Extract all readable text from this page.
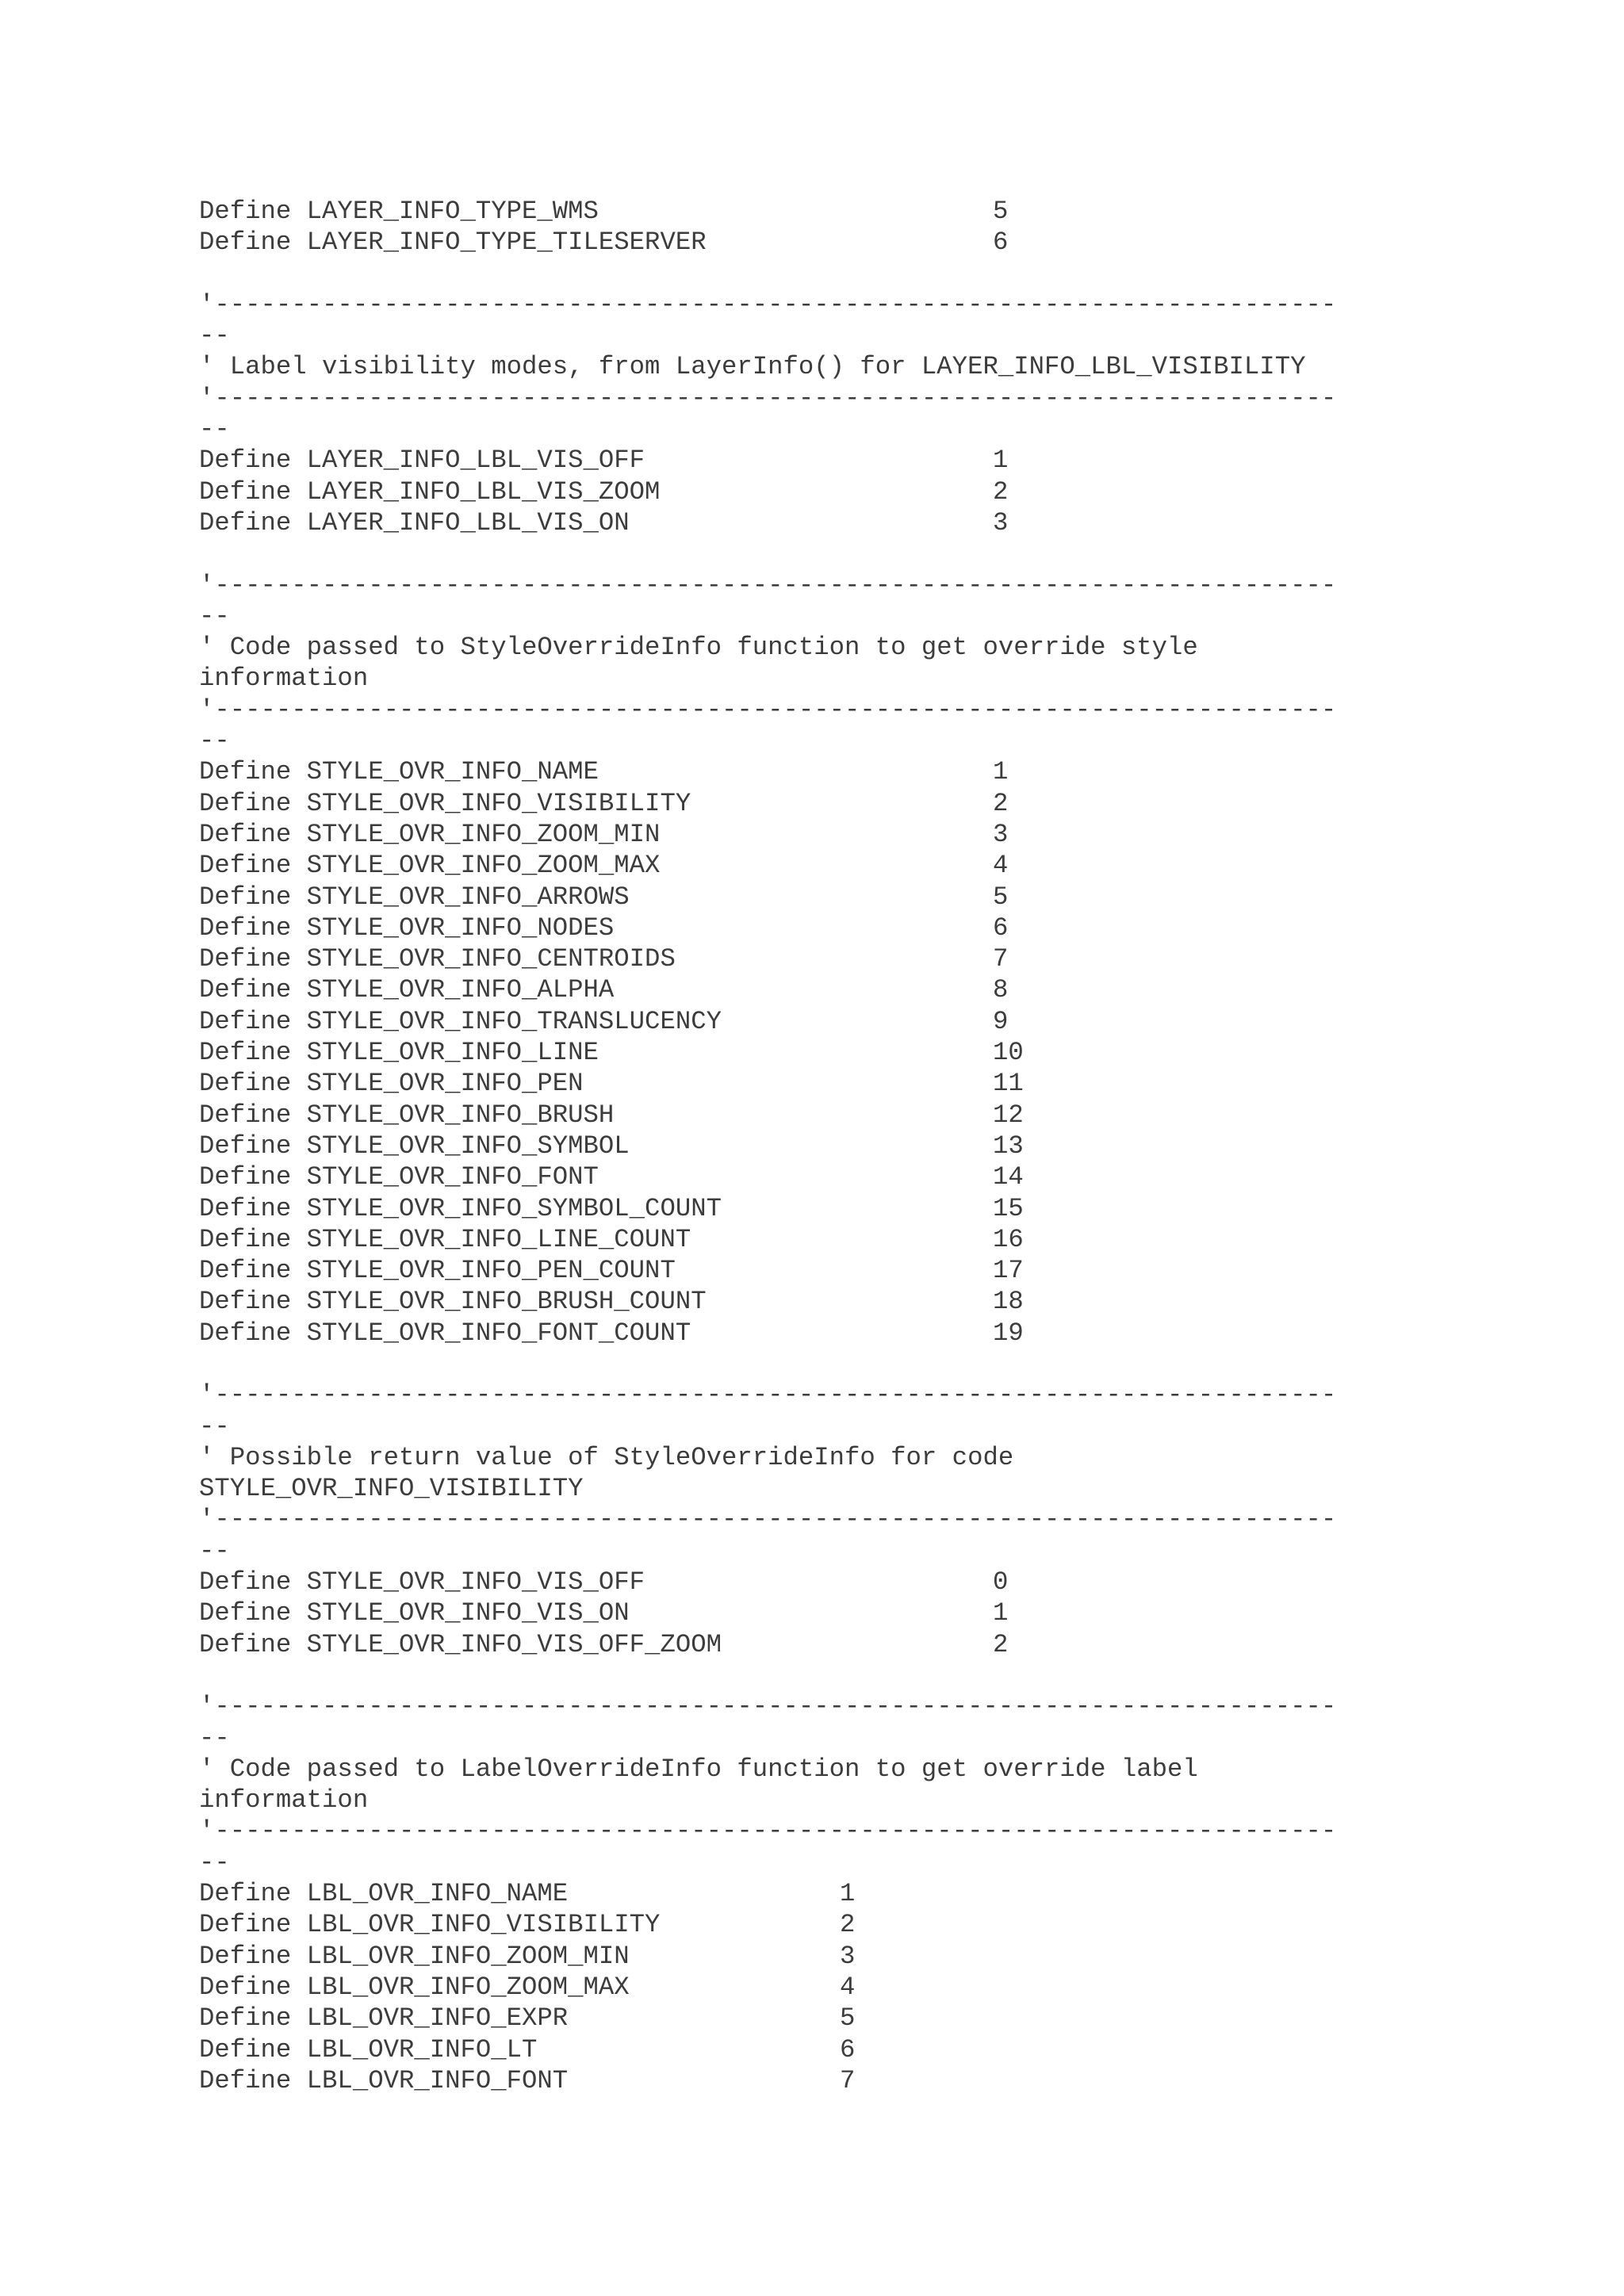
Define LAYER_INFO_TYPE_WMS	5
Define LAYER_INFO_TYPE_TILESERVER	6
'-------------------------------------------------------------------------
--
' Label visibility modes, from LayerInfo() for LAYER_INFO_LBL_VISIBILITY
'-------------------------------------------------------------------------
--
Define LAYER_INFO_LBL_VIS_OFF	1
Define LAYER_INFO_LBL_VIS_ZOOM	2
Define LAYER_INFO_LBL_VIS_ON	3
'-------------------------------------------------------------------------
--
' Code passed to StyleOverrideInfo function to get override style
information
'-------------------------------------------------------------------------
--
Define STYLE_OVR_INFO_NAME	1
Define STYLE_OVR_INFO_VISIBILITY	2
Define STYLE_OVR_INFO_ZOOM_MIN	3
Define STYLE_OVR_INFO_ZOOM_MAX	4
Define STYLE_OVR_INFO_ARROWS	5
Define STYLE_OVR_INFO_NODES	6
Define STYLE_OVR_INFO_CENTROIDS	7
Define STYLE_OVR_INFO_ALPHA	8
Define STYLE_OVR_INFO_TRANSLUCENCY	9
Define STYLE_OVR_INFO_LINE	10
Define STYLE_OVR_INFO_PEN	11
Define STYLE_OVR_INFO_BRUSH	12
Define STYLE_OVR_INFO_SYMBOL	13
Define STYLE_OVR_INFO_FONT	14
Define STYLE_OVR_INFO_SYMBOL_COUNT	15
Define STYLE_OVR_INFO_LINE_COUNT	16
Define STYLE_OVR_INFO_PEN_COUNT	17
Define STYLE_OVR_INFO_BRUSH_COUNT	18
Define STYLE_OVR_INFO_FONT_COUNT	19
'-------------------------------------------------------------------------
--
' Possible return value of StyleOverrideInfo for code
STYLE_OVR_INFO_VISIBILITY
'-------------------------------------------------------------------------
--
Define STYLE_OVR_INFO_VIS_OFF	0
Define STYLE_OVR_INFO_VIS_ON	1
Define STYLE_OVR_INFO_VIS_OFF_ZOOM	2
'-------------------------------------------------------------------------
--
' Code passed to LabelOverrideInfo function to get override label
information
'-------------------------------------------------------------------------
--
Define LBL_OVR_INFO_NAME	1
Define LBL_OVR_INFO_VISIBILITY	2
Define LBL_OVR_INFO_ZOOM_MIN	3
Define LBL_OVR_INFO_ZOOM_MAX	4
Define LBL_OVR_INFO_EXPR	5
Define LBL_OVR_INFO_LT	6
Define LBL_OVR_INFO_FONT	7
